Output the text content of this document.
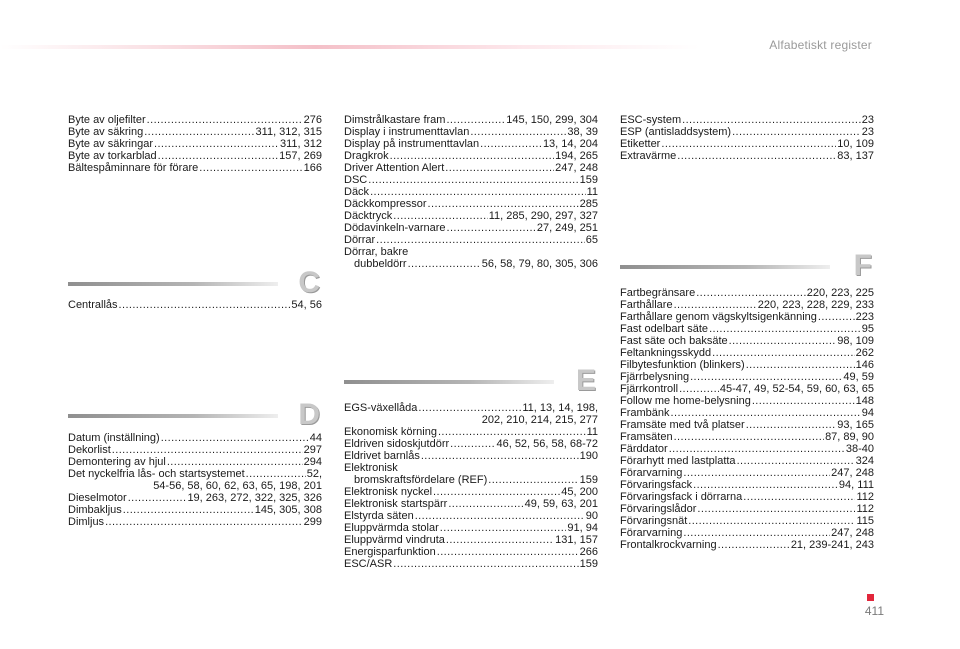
Alfabetiskt register
Byte av oljefilter .....	276
Byte av säkring .....	311, 312, 315
Byte av säkringar .....	311, 312
Byte av torkarblad .....	157, 269
Bältespåminnare för förare .....	166
C
Centrallås .....	54, 56
D
Datum (inställning) .....	44
Dekorlist .....	297
Demontering av hjul .....	294
Det nyckelfria lås- och startsystemet .....	52,
54-56, 58, 60, 62, 63, 65, 198, 201
Dieselmotor .....	19, 263, 272, 322, 325, 326
Dimbakljus .....	145, 305, 308
Dimljus .....	299
Dimstrålkastare fram .....	145, 150, 299, 304
Display i instrumenttavlan .....	38, 39
Display på instrumenttavlan .....	13, 14, 204
Dragkrok .....	194, 265
Driver Attention Alert .....	247, 248
DSC .....	159
Däck .....	11
Däckkompressor .....	285
Däcktryck .....	11, 285, 290, 297, 327
Dödavinkeln-varnare .....	27, 249, 251
Dörrar .....	65
Dörrar, bakre
dubbeldörr .....	56, 58, 79, 80, 305, 306
E
EGS-växellåda .....	11, 13, 14, 198,
202, 210, 214, 215, 277
Ekonomisk körning .....	11
Eldriven sidoskjutdörr .....	46, 52, 56, 58, 68-72
Eldrivet barnlås .....	190
Elektronisk
bromskraftsfördelare (REF) .....	159
Elektronisk nyckel .....	45, 200
Elektronisk startspärr .....	49, 59, 63, 201
Elstyrda säten .....	90
Eluppvärmda stolar .....	91, 94
Eluppvärmd vindruta .....	131, 157
Energisparfunktion .....	266
ESC/ASR .....	159
ESC-system .....	23
ESP (antisladdsystem) .....	23
Etiketter .....	10, 109
Extravärme .....	83, 137
F
Fartbegränsare .....	220, 223, 225
Farthållare .....	220, 223, 228, 229, 233
Farthållare genom vägskyltsigenkänning .....	223
Fast odelbart säte .....	95
Fast säte och baksäte .....	98, 109
Feltankningsskydd .....	262
Filbytesfunktion (blinkers) .....	146
Fjärrbelysning .....	49, 59
Fjärrkontroll .....	45-47, 49, 52-54, 59, 60, 63, 65
Follow me home-belysning .....	148
Frambänk .....	94
Framsäte med två platser .....	93, 165
Framsäten .....	87, 89, 90
Färddator .....	38-40
Förarhytt med lastplatta .....	324
Förarvarning .....	247, 248
Förvaringsfack .....	94, 111
Förvaringsfack i dörrarna .....	112
Förvaringslådor .....	112
Förvaringsnät .....	115
Förarvarning .....	247, 248
Frontalkrockvarning .....	21, 239-241, 243
411
